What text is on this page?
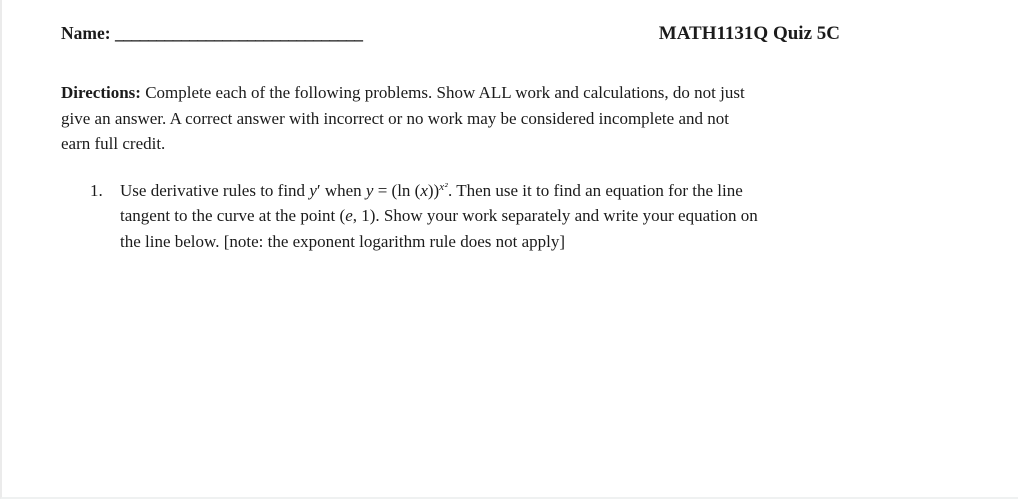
Name: ______________________________	MATH1131Q Quiz 5C
Directions: Complete each of the following problems. Show ALL work and calculations, do not just
give an answer. A correct answer with incorrect or no work may be considered incomplete and not
earn full credit.
1.	Use derivative rules to find y′ when y = (ln (x))$^{x^2}$. Then use it to find an equation for the line
tangent to the curve at the point (e, 1). Show your work separately and write your equation on
the line below. [note: the exponent logarithm rule does not apply]
